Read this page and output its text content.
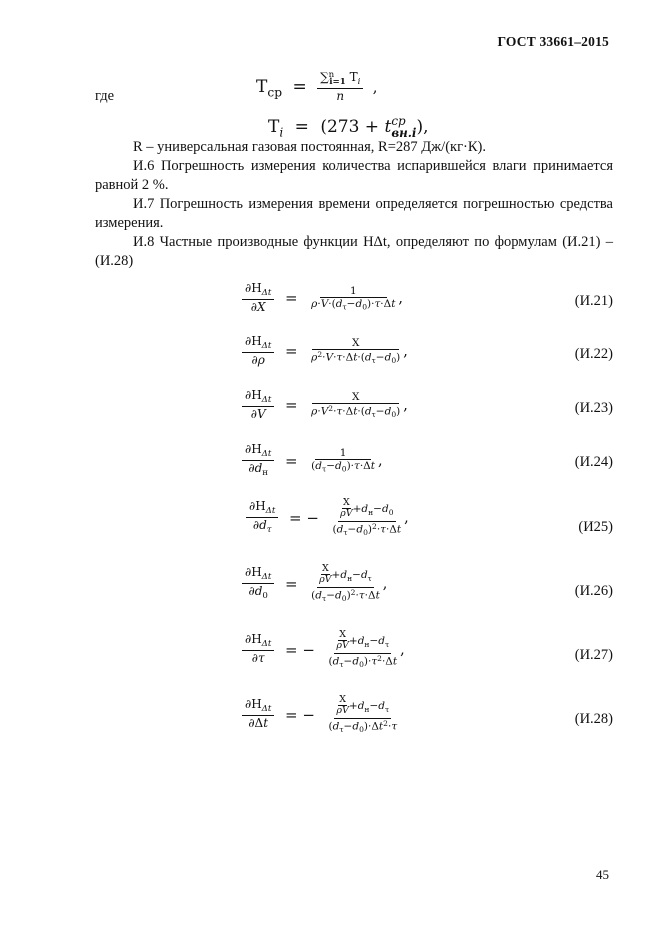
ГОСТ 33661–2015
где	$Т_{ср} = \frac{\sum^n_{i=1} Т_i}{n}$ ,
$Т_i = (273 + t$ ср
вн.i ),
R – универсальная газовая постоянная, R=287 Дж/(кг·К).
И.6 Погрешность измерения количества испарившейся влаги принимается равной 2 %.
И.7 Погрешность измерения времени определяется погрешностью средства измерения.
И.8 Частные производные функции HΔt, определяют по формулам (И.21) – (И.28)
$\frac{\partial H_{\Delta t}}{\partial X} = \frac{1}{\rho\cdot V\cdot(d_\tau-d_0)\cdot\tau\cdot\Delta t}$ ,	(И.21)
$\frac{\partial H_{\Delta t}}{\partial\rho} = \frac{X}{\rho^2\cdot V\cdot\tau\cdot\Delta t\cdot(d_\tau-d_0)}$ ,	(И.22)
$\frac{\partial H_{\Delta t}}{\partial V} = \frac{X}{\rho\cdot V^2\cdot\tau\cdot\Delta t\cdot(d_\tau-d_0)}$ ,	(И.23)
$\frac{\partial H_{\Delta t}}{\partial d_н} = \frac{1}{(d_\tau-d_0)\cdot\tau\cdot\Delta t}$ ,	(И.24)
$\frac{\partial H_{\Delta t}}{\partial d_\tau}$ = − $\frac{\frac{X}{\rho V} +d_н-d_0}{(d_\tau-d_0)^2\cdot\tau\cdot\Delta t}$ ,
(И25)
$\frac{\partial H_{\Delta t}}{\partial d_0} = \frac{\frac{X}{\rho V} +d_н-d_\tau}{(d_\tau-d_0)^2\cdot\tau\cdot\Delta t}$ ,	(И.26)
$\frac{\partial H_{\Delta t}}{\partial\tau}$ = − $\frac{\frac{X}{\rho V} +d_н-d_\tau}{(d_\tau-d_0)\cdot\tau^2\cdot\Delta t}$ ,	(И.27)
$\frac{\partial H_{\Delta t}}{\partial\Delta t}$ = − $\frac{\frac{X}{\rho V} +d_н-d_\tau}{(d_\tau-d_0)\cdot\Delta t^2\cdot\tau}$	(И.28)
45
